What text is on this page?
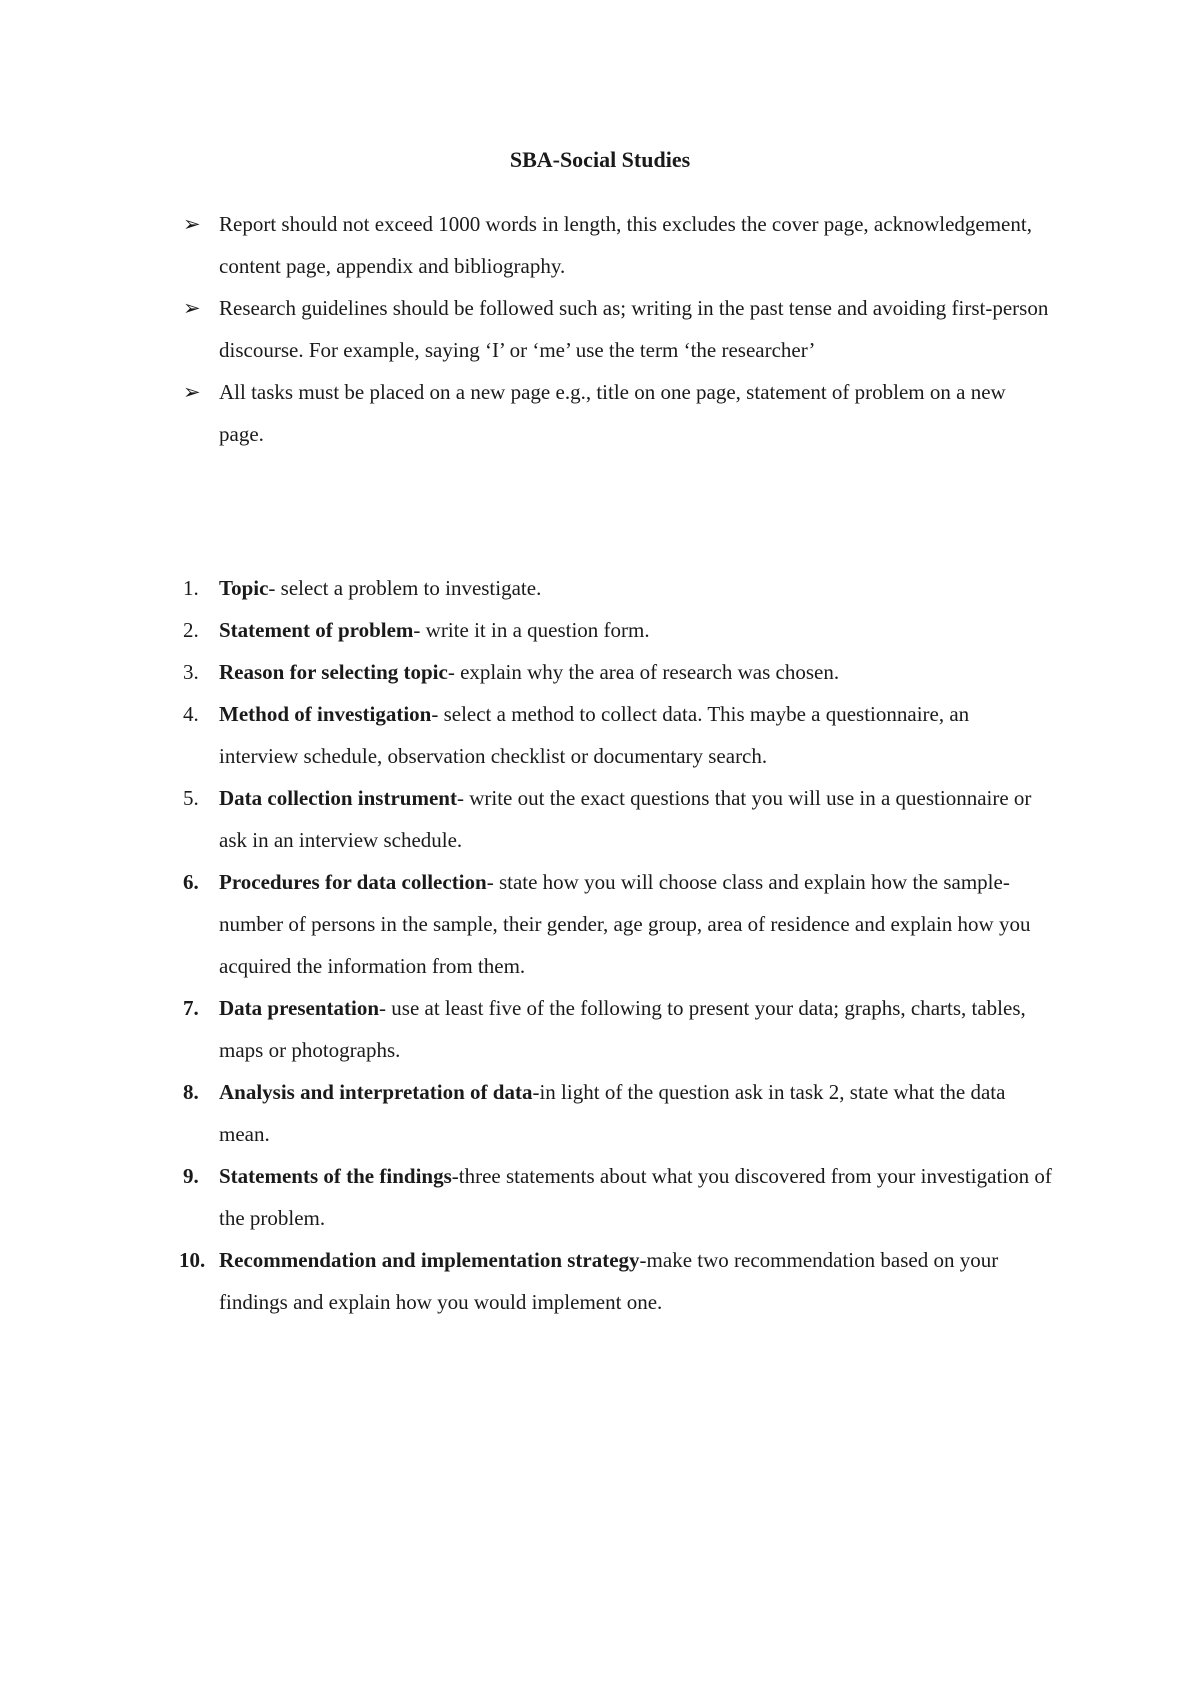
SBA-Social Studies
➢ Report should not exceed 1000 words in length, this excludes the cover page, acknowledgement, content page, appendix and bibliography.
➢ Research guidelines should be followed such as; writing in the past tense and avoiding first-person discourse. For example, saying ‘I’ or ‘me’ use the term ‘the researcher’
➢ All tasks must be placed on a new page e.g., title on one page, statement of problem on a new page.
1. Topic- select a problem to investigate.
2. Statement of problem- write it in a question form.
3. Reason for selecting topic- explain why the area of research was chosen.
4. Method of investigation- select a method to collect data. This maybe a questionnaire, an interview schedule, observation checklist or documentary search.
5. Data collection instrument- write out the exact questions that you will use in a questionnaire or ask in an interview schedule.
6. Procedures for data collection- state how you will choose class and explain how the sample-number of persons in the sample, their gender, age group, area of residence and explain how you acquired the information from them.
7. Data presentation- use at least five of the following to present your data; graphs, charts, tables, maps or photographs.
8. Analysis and interpretation of data-in light of the question ask in task 2, state what the data mean.
9. Statements of the findings-three statements about what you discovered from your investigation of the problem.
10. Recommendation and implementation strategy-make two recommendation based on your findings and explain how you would implement one.
